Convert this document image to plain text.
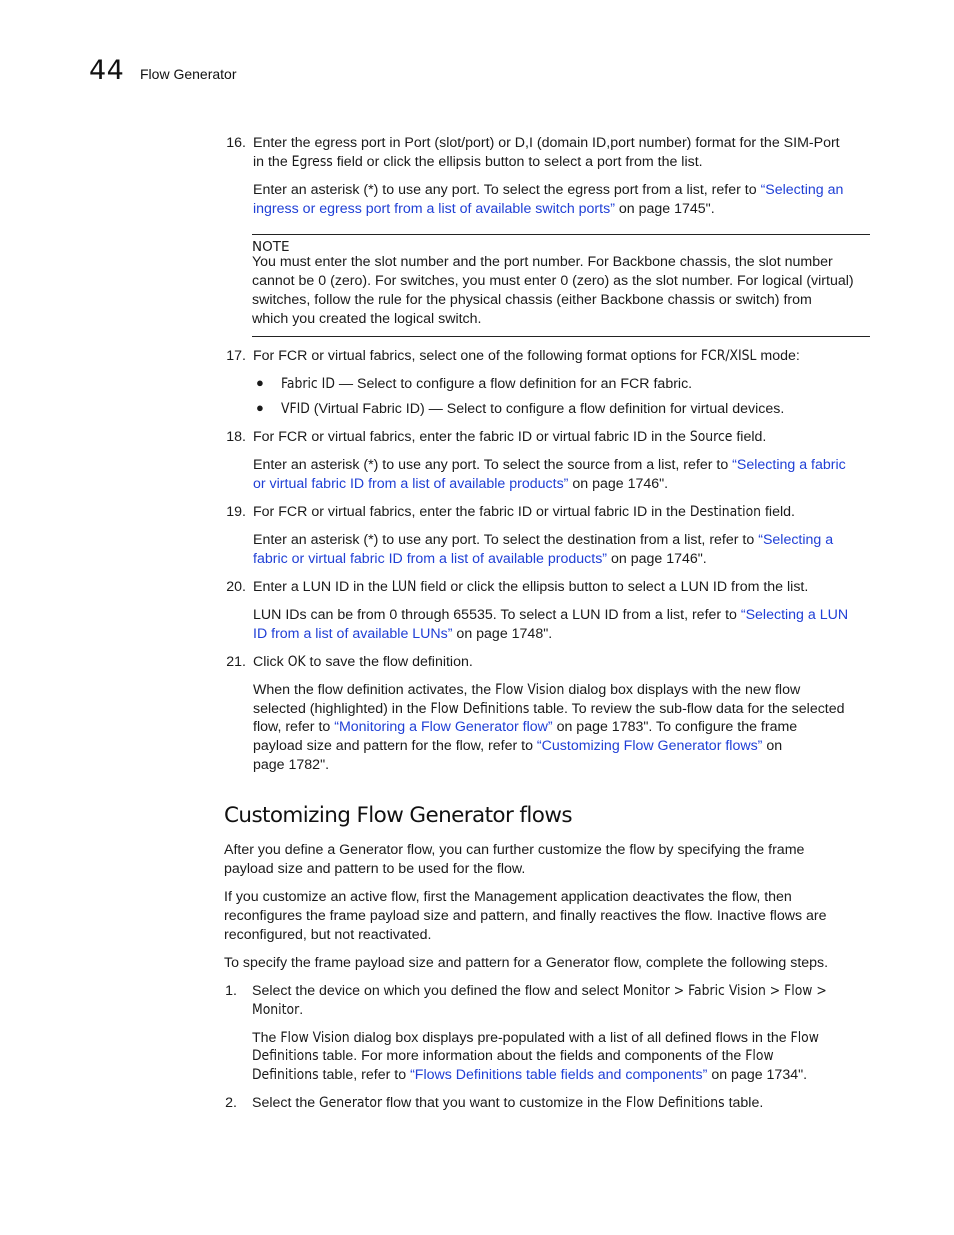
44 Flow Generator
16. Enter the egress port in Port (slot/port) or D,I (domain ID,port number) format for the SIM-Port
in the Egress field or click the ellipsis button to select a port from the list.
Enter an asterisk (*) to use any port. To select the egress port from a list, refer to “Selecting an
ingress or egress port from a list of available switch ports” on page 1745".
NOTE
You must enter the slot number and the port number. For Backbone chassis, the slot number
cannot be 0 (zero). For switches, you must enter 0 (zero) as the slot number. For logical (virtual)
switches, follow the rule for the physical chassis (either Backbone chassis or switch) from
which you created the logical switch.
17. For FCR or virtual fabrics, select one of the following format options for FCR/XISL mode:
● Fabric ID — Select to configure a flow definition for an FCR fabric.
● VFID (Virtual Fabric ID) — Select to configure a flow definition for virtual devices.
18. For FCR or virtual fabrics, enter the fabric ID or virtual fabric ID in the Source field.
Enter an asterisk (*) to use any port. To select the source from a list, refer to “Selecting a fabric
or virtual fabric ID from a list of available products” on page 1746".
19. For FCR or virtual fabrics, enter the fabric ID or virtual fabric ID in the Destination field.
Enter an asterisk (*) to use any port. To select the destination from a list, refer to “Selecting a
fabric or virtual fabric ID from a list of available products” on page 1746".
20. Enter a LUN ID in the LUN field or click the ellipsis button to select a LUN ID from the list.
LUN IDs can be from 0 through 65535. To select a LUN ID from a list, refer to “Selecting a LUN
ID from a list of available LUNs” on page 1748".
21. Click OK to save the flow definition.
When the flow definition activates, the Flow Vision dialog box displays with the new flow
selected (highlighted) in the Flow Definitions table. To review the sub-flow data for the selected
flow, refer to “Monitoring a Flow Generator flow” on page 1783". To configure the frame
payload size and pattern for the flow, refer to “Customizing Flow Generator flows” on
page 1782".
Customizing Flow Generator flows
After you define a Generator flow, you can further customize the flow by specifying the frame
payload size and pattern to be used for the flow.
If you customize an active flow, first the Management application deactivates the flow, then
reconfigures the frame payload size and pattern, and finally reactives the flow. Inactive flows are
reconfigured, but not reactivated.
To specify the frame payload size and pattern for a Generator flow, complete the following steps.
1. Select the device on which you defined the flow and select Monitor > Fabric Vision > Flow >
Monitor.
The Flow Vision dialog box displays pre-populated with a list of all defined flows in the Flow
Definitions table. For more information about the fields and components of the Flow
Definitions table, refer to “Flows Definitions table fields and components” on page 1734".
2. Select the Generator flow that you want to customize in the Flow Definitions table.
